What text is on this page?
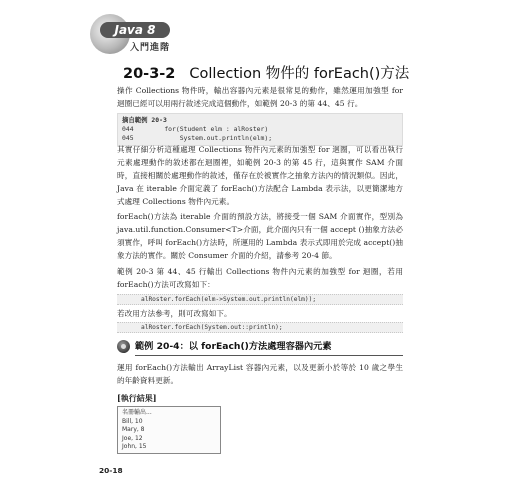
Java 8
入門進階
20-3-2 Collection 物件的 forEach()方法
操作 Collections 物件時，輸出容器內元素是很常見的動作，雖然運用加強型 for 迴圈已經可以用兩行敘述完成這個動作，如範例 20-3 的第 44、45 行。
摘自範例 20-3
044        for(Student elm : alRoster)
045            System.out.println(elm);
其實仔細分析這種處理 Collections 物件內元素的加強型 for 迴圈，可以看出執行元素處理動作的敘述都在迴圈裡，如範例 20-3 的第 45 行，這與實作 SAM 介面時，直接相關於處理動作的敘述，僅存在於被實作之抽象方法內的情況類似。因此，Java 在 iterable 介面定義了 forEach()方法配合 Lambda 表示法，以更簡潔地方式處理 Collections 物件內元素。
forEach()方法為 iterable 介面的預設方法，將接受一個 SAM 介面實作，型別為 java.util.function.Consumer<T>介面，此介面內只有一個 accept ()抽象方法必須實作，呼叫 forEach()方法時，所運用的 Lambda 表示式即用於完成 accept()抽象方法的實作。關於 Consumer 介面的介紹，請參考 20-4 節。
範例 20-3 第 44、45 行輸出 Collections 物件內元素的加強型 for 迴圈，若用 forEach()方法可改寫如下：
alRoster.forEach(elm->System.out.println(elm));
若改用方法參考，則可改寫如下。
alRoster.forEach(System.out::println);
範例 20-4：以 forEach()方法處理容器內元素
運用 forEach()方法輸出 ArrayList 容器內元素，以及更新小於等於 10 歲之學生的年齡資料更新。
[執行結果]
名冊輸出...
Bill, 10
Mary, 8
Joe, 12
John, 15
20-18
